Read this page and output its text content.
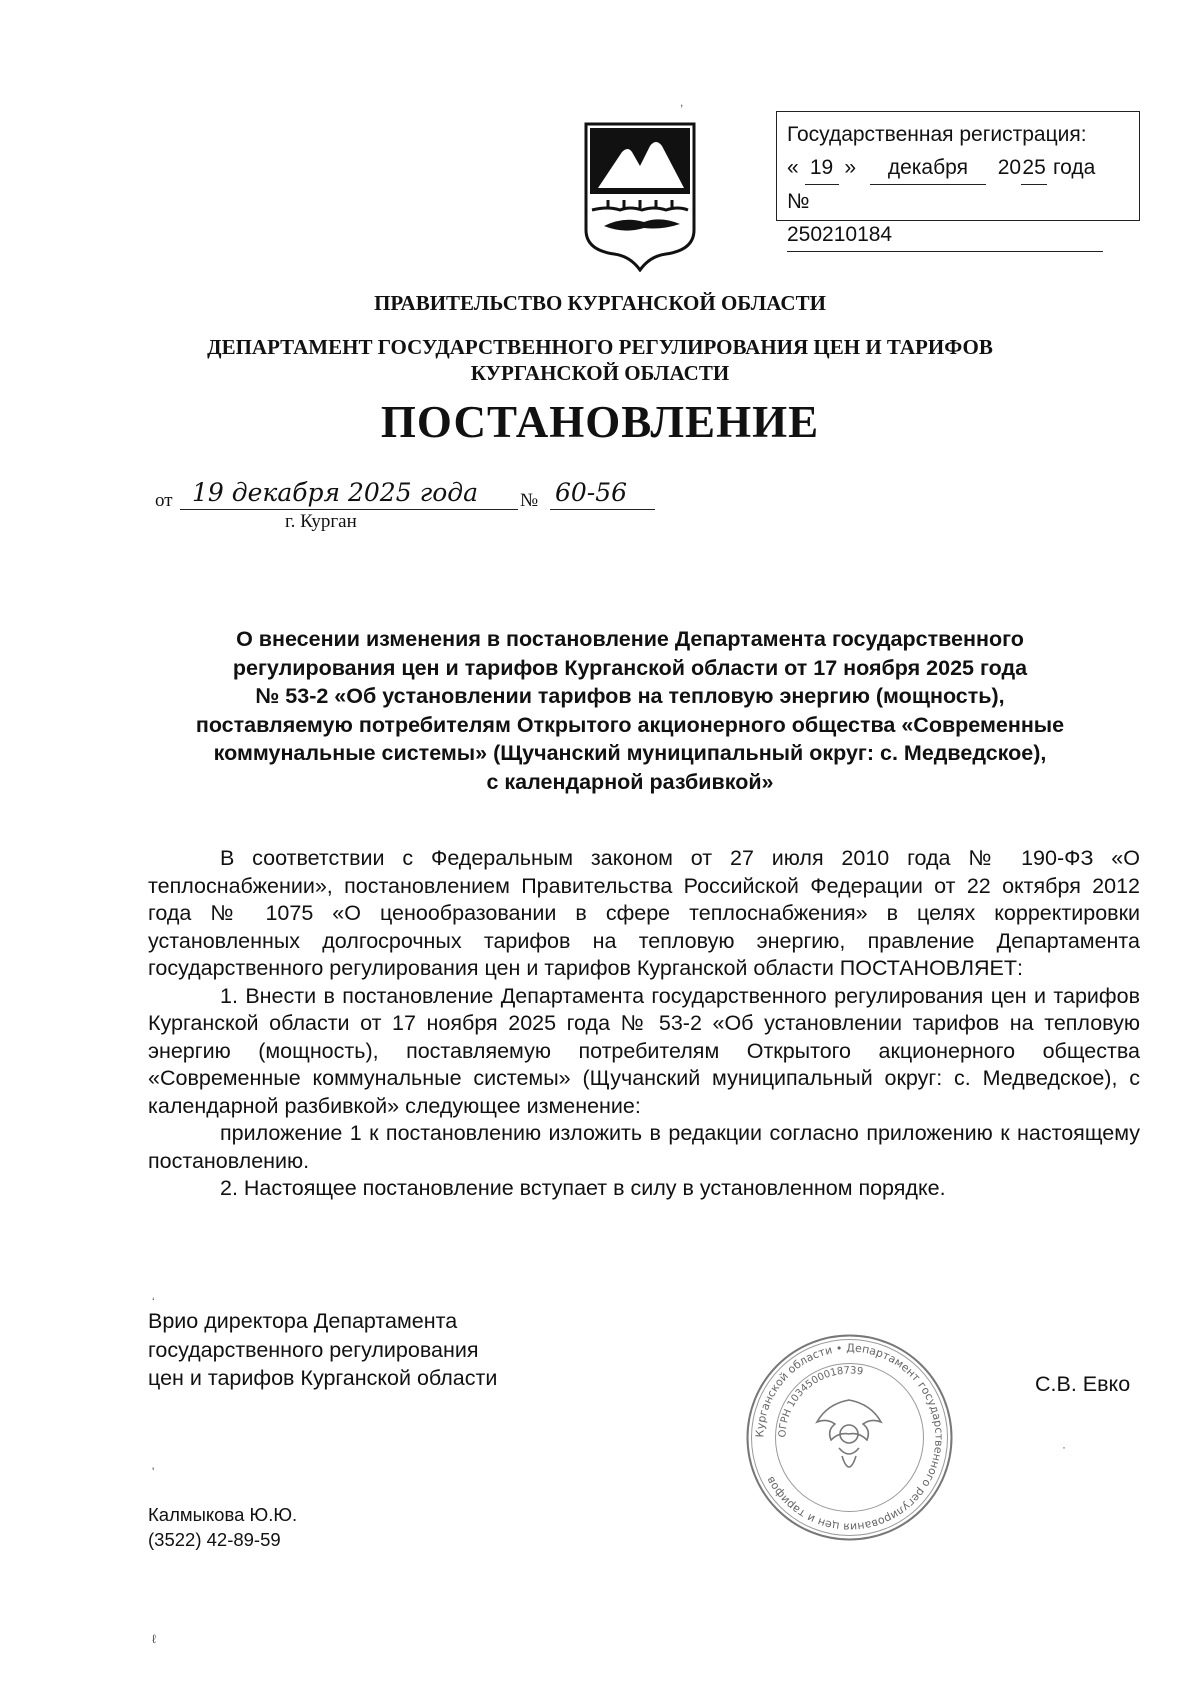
Государственная регистрация:
« 19 » декабря 2025 года
№ 250210184
ПРАВИТЕЛЬСТВО КУРГАНСКОЙ ОБЛАСТИ
ДЕПАРТАМЕНТ ГОСУДАРСТВЕННОГО РЕГУЛИРОВАНИЯ ЦЕН И ТАРИФОВ
КУРГАНСКОЙ ОБЛАСТИ
ПОСТАНОВЛЕНИЕ
от 19 декабря 2025 года	№ 60-56
г. Курган
О внесении изменения в постановление Департамента государственного
регулирования цен и тарифов Курганской области от 17 ноября 2025 года
№ 53-2 «Об установлении тарифов на тепловую энергию (мощность),
поставляемую потребителям Открытого акционерного общества «Современные
коммунальные системы» (Щучанский муниципальный округ: с. Медведское),
с календарной разбивкой»

В соответствии с Федеральным законом от 27 июля 2010 года № 190-ФЗ «О теплоснабжении», постановлением Правительства Российской Федерации от 22 октября 2012 года № 1075 «О ценообразовании в сфере теплоснабжения» в целях корректировки установленных долгосрочных тарифов на тепловую энергию, правление Департамента государственного регулирования цен и тарифов Курганской области ПОСТАНОВЛЯЕТ:

1. Внести в постановление Департамента государственного регулирования цен и тарифов Курганской области от 17 ноября 2025 года № 53-2 «Об установлении тарифов на тепловую энергию (мощность), поставляемую потребителям Открытого акционерного общества «Современные коммунальные системы» (Щучанский муниципальный округ: с. Медведское), с календарной разбивкой» следующее изменение:

приложение 1 к постановлению изложить в редакции согласно приложению к настоящему постановлению.

2. Настоящее постановление вступает в силу в установленном порядке.

Врио директора Департамента
государственного регулирования
цен и тарифов Курганской области
Курганской области • Департамент государственного регулирования цен и тарифов
ОГРН 1034500018739
С.В. Евко
Калмыкова Ю.Ю.
(3522) 42-89-59
,
‘
'
ℓ
·
